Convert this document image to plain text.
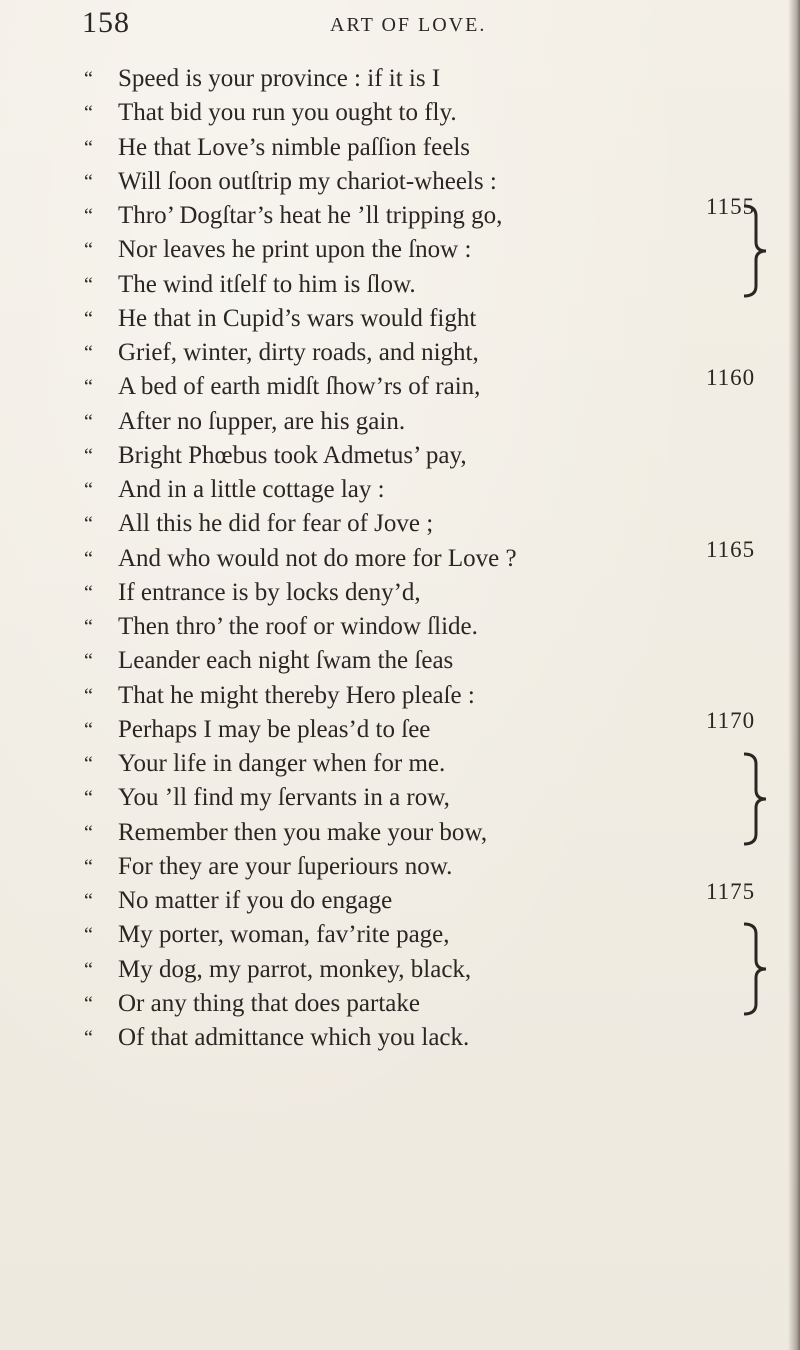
158	ART OF LOVE.
“ Speed is your province : if it is I
“ That bid you run you ought to fly.
“ He that Love’s nimble paſſion feels
“ Will ſoon outſtrip my chariot-wheels :
“ Thro’ Dogſtar’s heat he ’ll tripping go,
“ Nor leaves he print upon the ſnow :
“ The wind itſelf to him is ſlow.
“ He that in Cupid’s wars would fight
“ Grief, winter, dirty roads, and night,
“ A bed of earth midſt ſhow’rs of rain,
“ After no ſupper, are his gain.
“ Bright Phœbus took Admetus’ pay,
“ And in a little cottage lay :
“ All this he did for fear of Jove ;
“ And who would not do more for Love ?
“ If entrance is by locks deny’d,
“ Then thro’ the roof or window ſlide.
“ Leander each night ſwam the ſeas
“ That he might thereby Hero pleaſe :
“ Perhaps I may be pleas’d to ſee
“ Your life in danger when for me.
“ You ’ll find my ſervants in a row,
“ Remember then you make your bow,
“ For they are your ſuperiours now.
“ No matter if you do engage
“ My porter, woman, fav’rite page,
“ My dog, my parrot, monkey, black,
“ Or any thing that does partake
“ Of that admittance which you lack.
1155
1160
1165
1170
1175
